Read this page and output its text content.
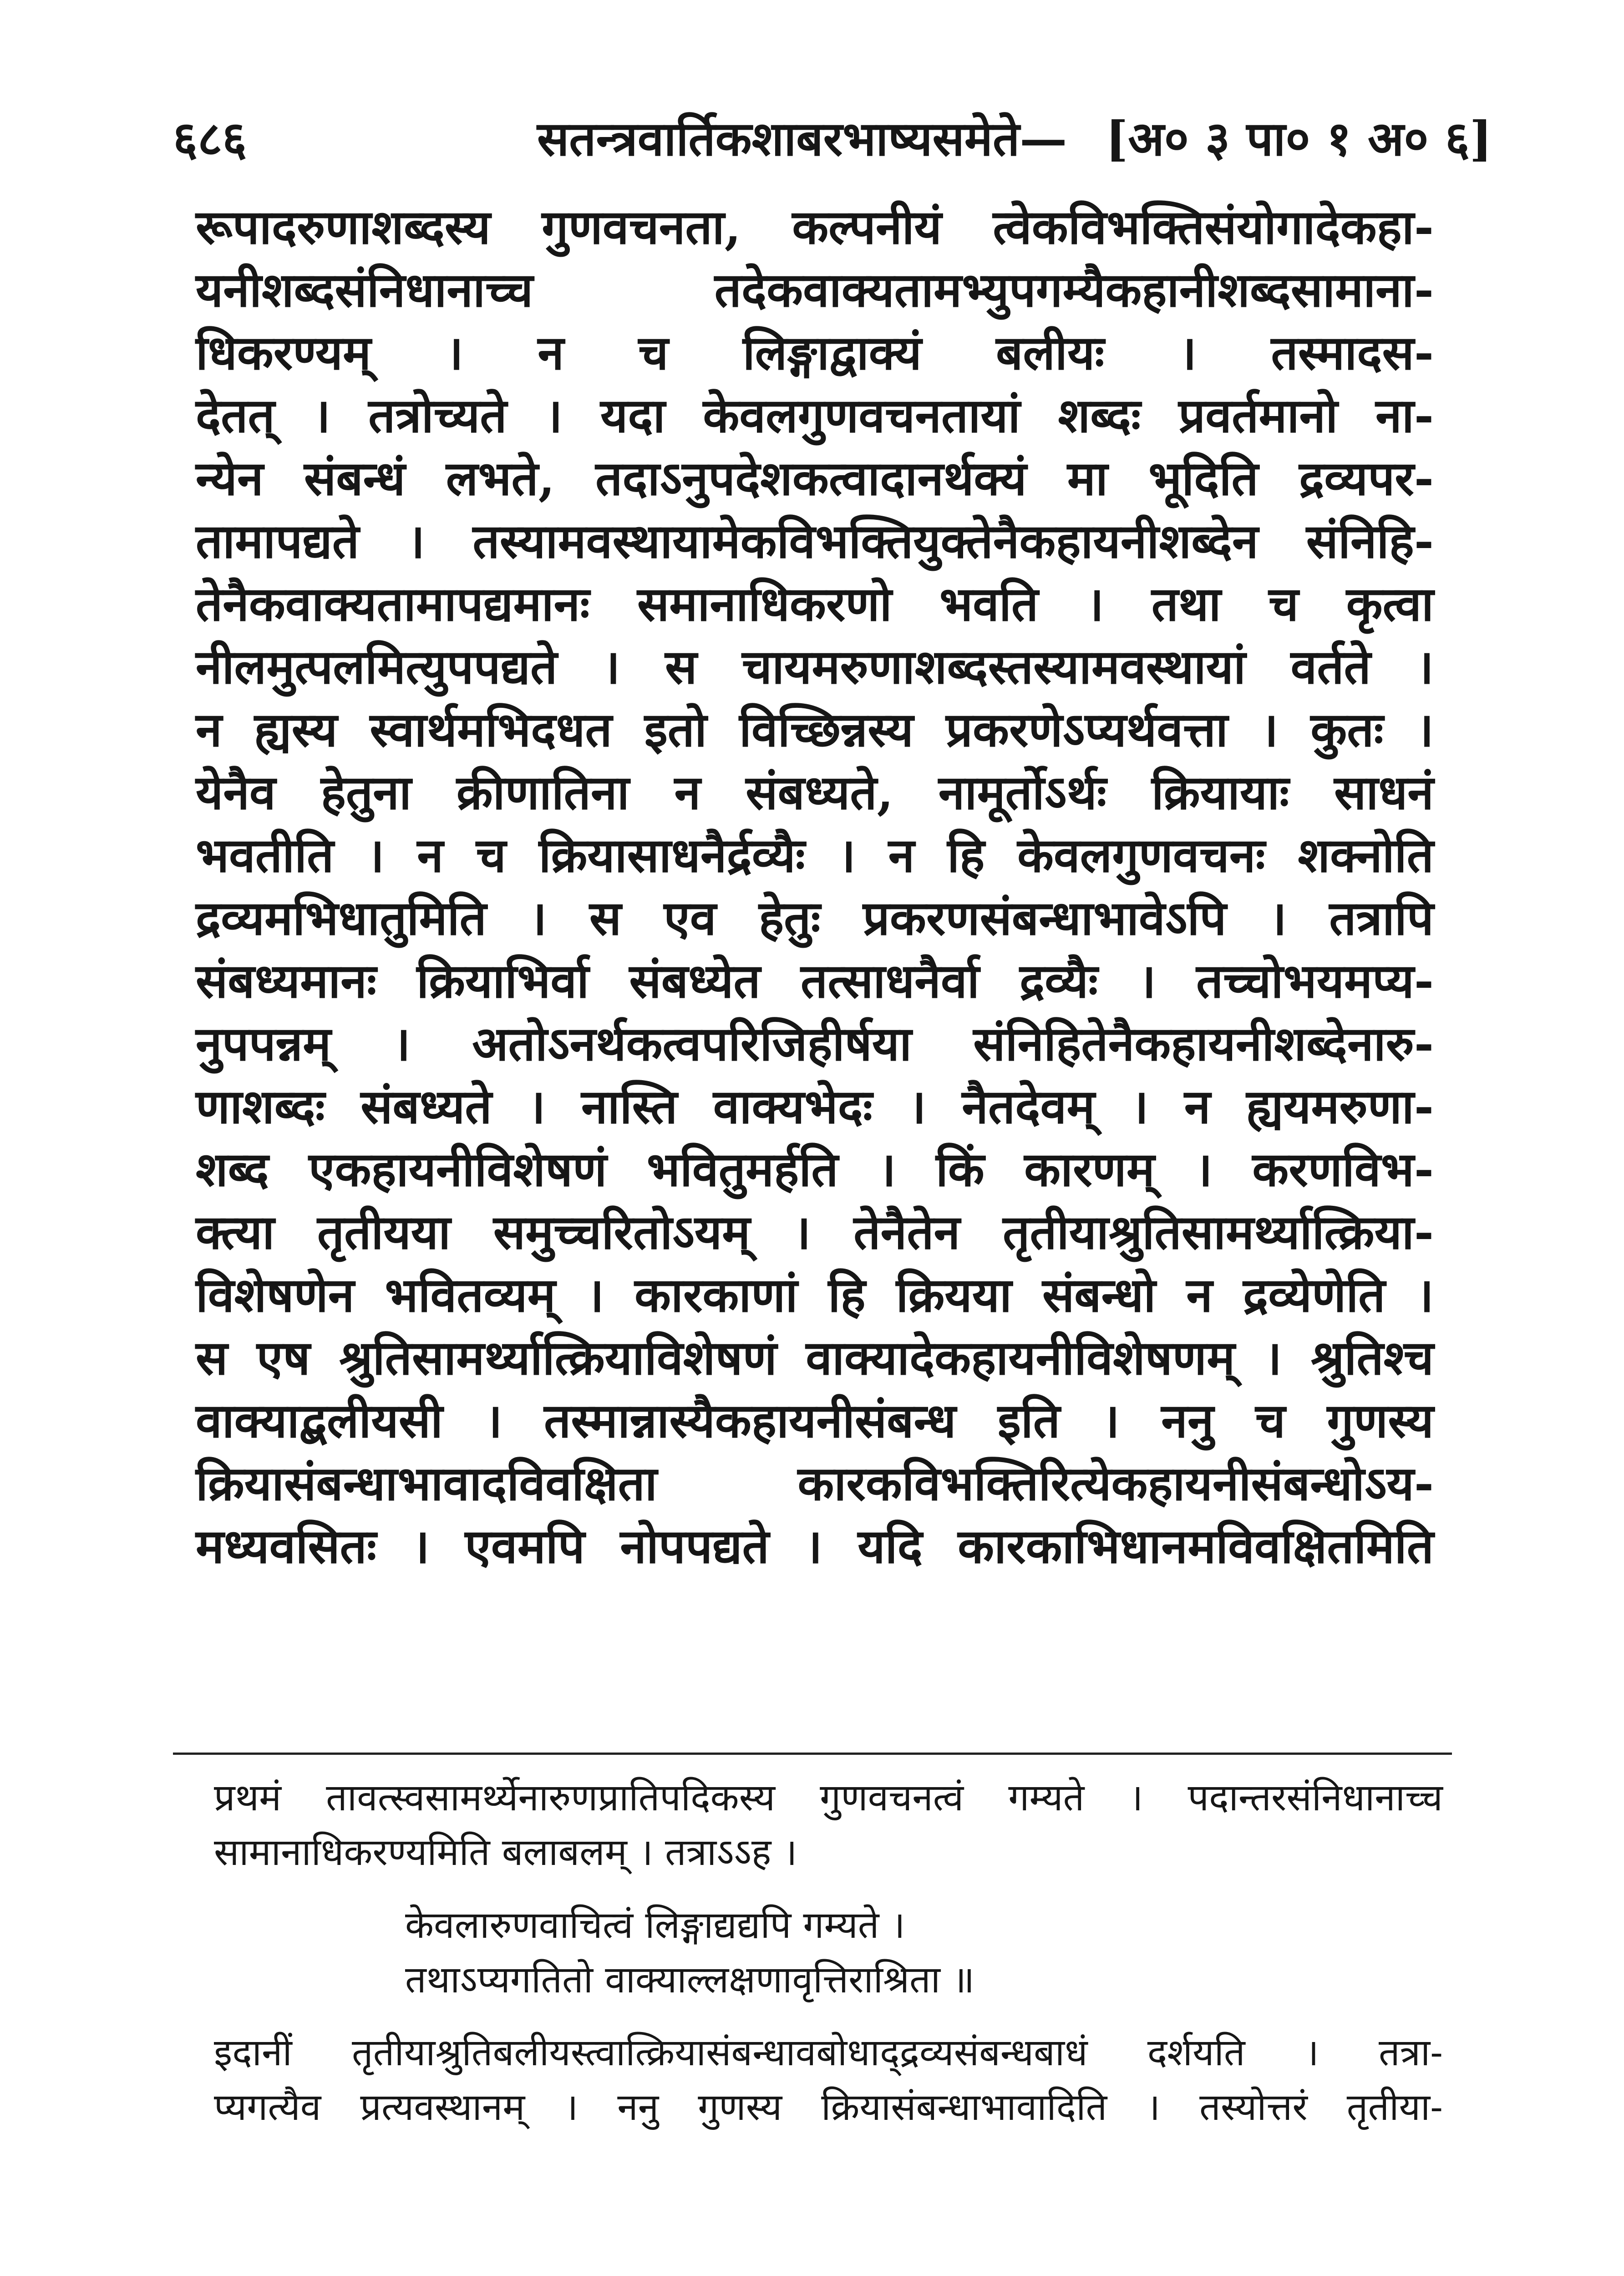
६८६	सतन्त्रवार्तिकशाबरभाष्यसमेते— [अ० ३ पा० १ अ० ६]

रूपादरुणाशब्दस्य गुणवचनता, कल्पनीयं त्वेकविभक्तिसंयोगादेकहा-

यनीशब्दसंनिधानाच्च तदेकवाक्यतामभ्युपगम्यैकहानीशब्दसामाना-

धिकरण्यम् । न च लिङ्गाद्वाक्यं बलीयः । तस्मादस-

देतत् । तत्रोच्यते । यदा केवलगुणवचनतायां शब्दः प्रवर्तमानो ना-

न्येन संबन्धं लभते, तदाऽनुपदेशकत्वादानर्थक्यं मा भूदिति द्रव्यपर-

तामापद्यते । तस्यामवस्थायामेकविभक्तियुक्तेनैकहायनीशब्देन संनिहि-

तेनैकवाक्यतामापद्यमानः समानाधिकरणो भवति । तथा च कृत्वा

नीलमुत्पलमित्युपपद्यते । स चायमरुणाशब्दस्तस्यामवस्थायां वर्तते ।

न ह्यस्य स्वार्थमभिदधत इतो विच्छिन्नस्य प्रकरणेऽप्यर्थवत्ता । कुतः ।

येनैव हेतुना क्रीणातिना न संबध्यते, नामूर्तोऽर्थः क्रियायाः साधनं

भवतीति । न च क्रियासाधनैर्द्रव्यैः । न हि केवलगुणवचनः शक्नोति

द्रव्यमभिधातुमिति । स एव हेतुः प्रकरणसंबन्धाभावेऽपि । तत्रापि

संबध्यमानः क्रियाभिर्वा संबध्येत तत्साधनैर्वा द्रव्यैः । तच्चोभयमप्य-

नुपपन्नम् । अतोऽनर्थकत्वपरिजिहीर्षया संनिहितेनैकहायनीशब्देनारु-

णाशब्दः संबध्यते । नास्ति वाक्यभेदः । नैतदेवम् । न ह्ययमरुणा-

शब्द एकहायनीविशेषणं भवितुमर्हति । किं कारणम् । करणविभ-

क्त्या तृतीयया समुच्चरितोऽयम् । तेनैतेन तृतीयाश्रुतिसामर्थ्यात्क्रिया-

विशेषणेन भवितव्यम् । कारकाणां हि क्रियया संबन्धो न द्रव्येणेति ।

स एष श्रुतिसामर्थ्यात्क्रियाविशेषणं वाक्यादेकहायनीविशेषणम् । श्रुतिश्च

वाक्याद्बलीयसी । तस्मान्नास्यैकहायनीसंबन्ध इति । ननु च गुणस्य

क्रियासंबन्धाभावादविवक्षिता कारकविभक्तिरित्येकहायनीसंबन्धोऽय-

मध्यवसितः । एवमपि नोपपद्यते । यदि कारकाभिधानमविवक्षितमिति

प्रथमं तावत्स्वसामर्थ्येनारुणप्रातिपदिकस्य गुणवचनत्वं गम्यते । पदान्तरसंनिधानाच्च

सामानाधिकरण्यमिति बलाबलम् । तत्राऽऽह ।

केवलारुणवाचित्वं लिङ्गाद्यद्यपि गम्यते ।

तथाऽप्यगतितो वाक्याल्लक्षणावृत्तिराश्रिता ॥

इदानीं तृतीयाश्रुतिबलीयस्त्वात्क्रियासंबन्धावबोधाद्द्रव्यसंबन्धबाधं दर्शयति । तत्रा-

प्यगत्यैव प्रत्यवस्थानम् । ननु गुणस्य क्रियासंबन्धाभावादिति । तस्योत्तरं तृतीया-
